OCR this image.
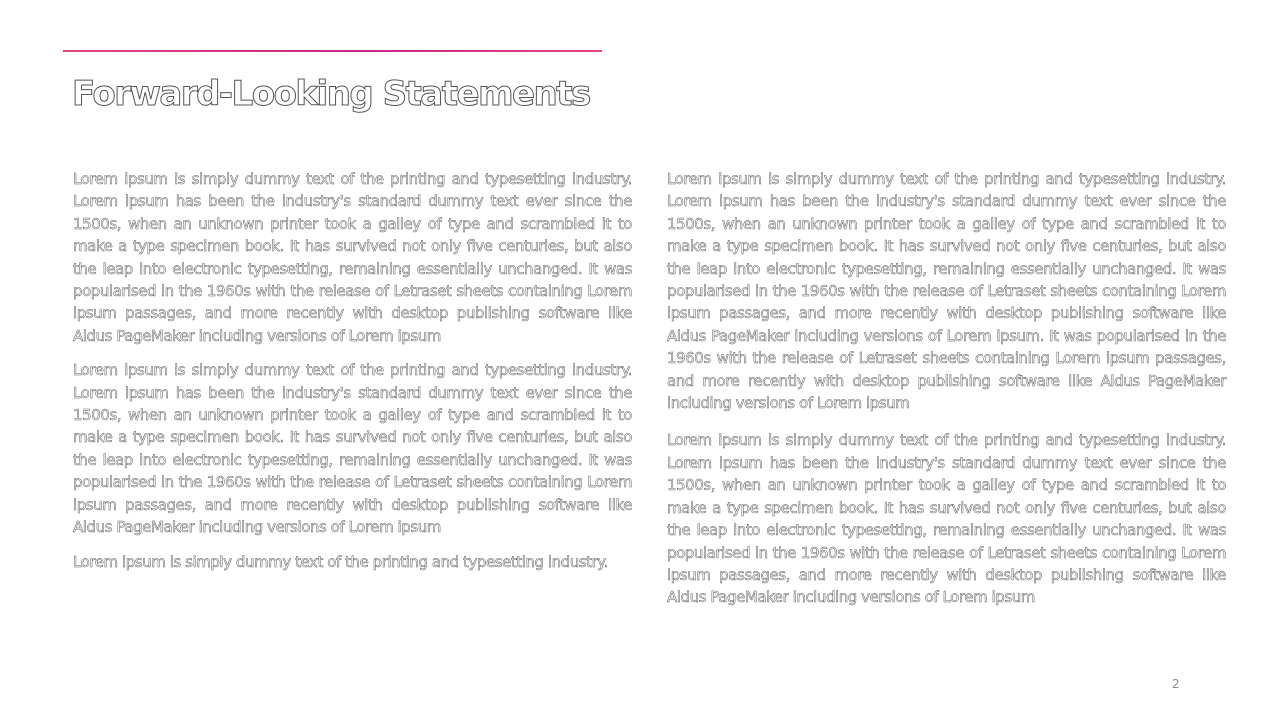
Forward-Looking Statements

Lorem ipsum is simply dummy text of the printing and typesetting industry. Lorem ipsum has been the industry's standard dummy text ever since the 1500s, when an unknown printer took a galley of type and scrambled it to make a type specimen book. It has survived not only five centuries, but also the leap into electronic typesetting, remaining essentially unchanged. It was popularised in the 1960s with the release of Letraset sheets containing Lorem ipsum passages, and more recently with desktop publishing software like Aldus PageMaker including versions of Lorem ipsum

Lorem ipsum is simply dummy text of the printing and typesetting industry. Lorem ipsum has been the industry's standard dummy text ever since the 1500s, when an unknown printer took a galley of type and scrambled it to make a type specimen book. It has survived not only five centuries, but also the leap into electronic typesetting, remaining essentially unchanged. It was popularised in the 1960s with the release of Letraset sheets containing Lorem ipsum passages, and more recently with desktop publishing software like Aldus PageMaker including versions of Lorem ipsum

Lorem ipsum is simply dummy text of the printing and typesetting industry.

Lorem ipsum is simply dummy text of the printing and typesetting industry. Lorem ipsum has been the industry's standard dummy text ever since the 1500s, when an unknown printer took a galley of type and scrambled it to make a type specimen book. It has survived not only five centuries, but also the leap into electronic typesetting, remaining essentially unchanged. It was popularised in the 1960s with the release of Letraset sheets containing Lorem ipsum passages, and more recently with desktop publishing software like Aldus PageMaker including versions of Lorem ipsum. It was popularised in the 1960s with the release of Letraset sheets containing Lorem ipsum passages, and more recently with desktop publishing software like Aldus PageMaker including versions of Lorem ipsum

Lorem ipsum is simply dummy text of the printing and typesetting industry. Lorem ipsum has been the industry's standard dummy text ever since the 1500s, when an unknown printer took a galley of type and scrambled it to make a type specimen book. It has survived not only five centuries, but also the leap into electronic typesetting, remaining essentially unchanged. It was popularised in the 1960s with the release of Letraset sheets containing Lorem ipsum passages, and more recently with desktop publishing software like Aldus PageMaker including versions of Lorem ipsum

2
